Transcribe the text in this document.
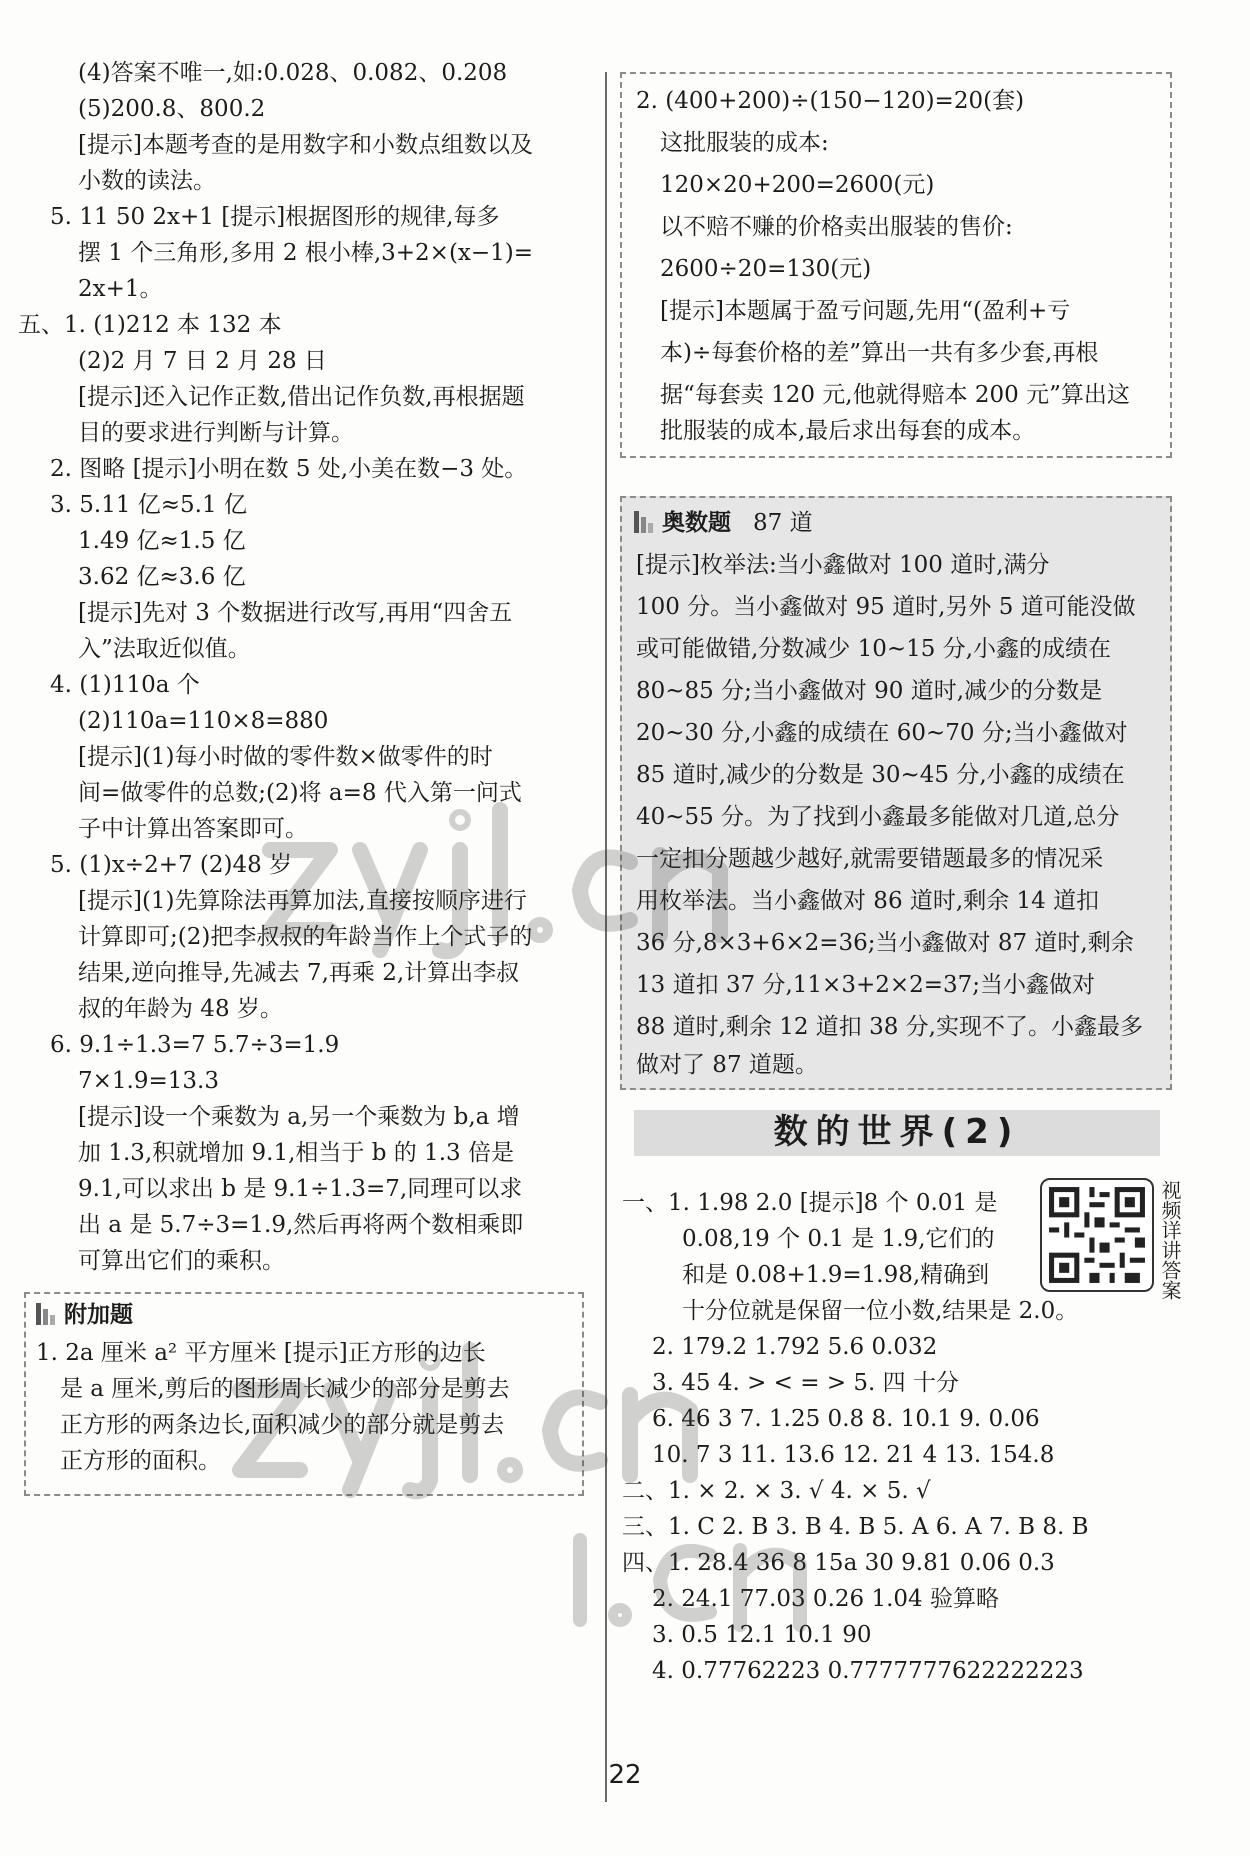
(4)答案不唯一,如:0.028、0.082、0.208
(5)200.8、800.2
[提示]本题考查的是用数字和小数点组数以及
小数的读法。
5. 11 50 2x+1 [提示]根据图形的规律,每多
摆 1 个三角形,多用 2 根小棒,3+2×(x−1)=
2x+1。
五、1. (1)212 本 132 本
(2)2 月 7 日 2 月 28 日
[提示]还入记作正数,借出记作负数,再根据题
目的要求进行判断与计算。
2. 图略 [提示]小明在数 5 处,小美在数−3 处。
3. 5.11 亿≈5.1 亿
1.49 亿≈1.5 亿
3.62 亿≈3.6 亿
[提示]先对 3 个数据进行改写,再用“四舍五
入”法取近似值。
4. (1)110a 个
(2)110a=110×8=880
[提示](1)每小时做的零件数×做零件的时
间=做零件的总数;(2)将 a=8 代入第一问式
子中计算出答案即可。
5. (1)x÷2+7 (2)48 岁
[提示](1)先算除法再算加法,直接按顺序进行
计算即可;(2)把李叔叔的年龄当作上个式子的
结果,逆向推导,先减去 7,再乘 2,计算出李叔
叔的年龄为 48 岁。
6. 9.1÷1.3=7 5.7÷3=1.9
7×1.9=13.3
[提示]设一个乘数为 a,另一个乘数为 b,a 增
加 1.3,积就增加 9.1,相当于 b 的 1.3 倍是
9.1,可以求出 b 是 9.1÷1.3=7,同理可以求
出 a 是 5.7÷3=1.9,然后再将两个数相乘即
可算出它们的乘积。
附加题
1. 2a 厘米 a² 平方厘米 [提示]正方形的边长
是 a 厘米,剪后的图形周长减少的部分是剪去
正方形的两条边长,面积减少的部分就是剪去
正方形的面积。
2. (400+200)÷(150−120)=20(套)
这批服装的成本:
120×20+200=2600(元)
以不赔不赚的价格卖出服装的售价:
2600÷20=130(元)
[提示]本题属于盈亏问题,先用“(盈利+亏
本)÷每套价格的差”算出一共有多少套,再根
据“每套卖 120 元,他就得赔本 200 元”算出这
批服装的成本,最后求出每套的成本。
奥数题 87 道
[提示]枚举法:当小鑫做对 100 道时,满分
100 分。当小鑫做对 95 道时,另外 5 道可能没做
或可能做错,分数减少 10~15 分,小鑫的成绩在
80~85 分;当小鑫做对 90 道时,减少的分数是
20~30 分,小鑫的成绩在 60~70 分;当小鑫做对
85 道时,减少的分数是 30~45 分,小鑫的成绩在
40~55 分。为了找到小鑫最多能做对几道,总分
一定扣分题越少越好,就需要错题最多的情况采
用枚举法。当小鑫做对 86 道时,剩余 14 道扣
36 分,8×3+6×2=36;当小鑫做对 87 道时,剩余
13 道扣 37 分,11×3+2×2=37;当小鑫做对
88 道时,剩余 12 道扣 38 分,实现不了。小鑫最多
做对了 87 道题。
数的世界(2)
视频详讲答案
一、1. 1.98 2.0 [提示]8 个 0.01 是
0.08,19 个 0.1 是 1.9,它们的
和是 0.08+1.9=1.98,精确到
十分位就是保留一位小数,结果是 2.0。
2. 179.2 1.792 5.6 0.032
3. 45 4. > < = > 5. 四 十分
6. 46 3 7. 1.25 0.8 8. 10.1 9. 0.06
10. 7 3 11. 13.6 12. 21 4 13. 154.8
二、1. × 2. × 3. √ 4. × 5. √
三、1. C 2. B 3. B 4. B 5. A 6. A 7. B 8. B
四、1. 28.4 36 8 15a 30 9.81 0.06 0.3
2. 24.1 77.03 0.26 1.04 验算略
3. 0.5 12.1 10.1 90
4. 0.77762223 0.7777777622222223
22
